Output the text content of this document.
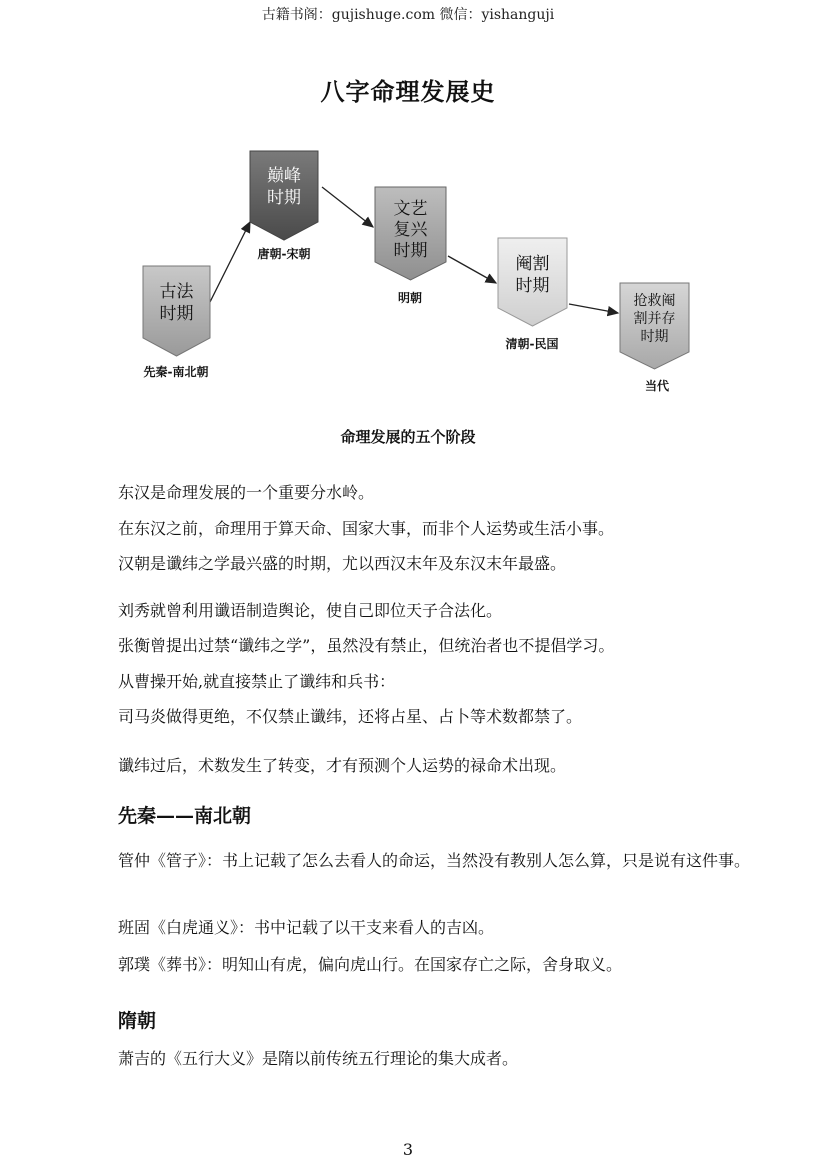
古籍书阁：gujishuge.com 微信：yishanguji
八字命理发展史
古法
时期
先秦-南北朝
巅峰
时期
唐朝-宋朝
文艺
复兴
时期
明朝
阉割
时期
清朝-民国
抢救阉
割并存
时期
当代
命理发展的五个阶段
东汉是命理发展的一个重要分水岭。
在东汉之前，命理用于算天命、国家大事，而非个人运势或生活小事。
汉朝是谶纬之学最兴盛的时期，尤以西汉末年及东汉末年最盛。
刘秀就曾利用谶语制造舆论，使自己即位天子合法化。
张衡曾提出过禁“谶纬之学”，虽然没有禁止，但统治者也不提倡学习。
从曹操开始,就直接禁止了谶纬和兵书：
司马炎做得更绝，不仅禁止谶纬，还将占星、占卜等术数都禁了。
谶纬过后，术数发生了转变，才有预测个人运势的禄命术出现。
先秦——南北朝
管仲《管子》：书上记载了怎么去看人的命运，当然没有教别人怎么算，只是说有这件事。
班固《白虎通义》：书中记载了以干支来看人的吉凶。
郭璞《葬书》：明知山有虎，偏向虎山行。在国家存亡之际，舍身取义。
隋朝
萧吉的《五行大义》是隋以前传统五行理论的集大成者。
3
